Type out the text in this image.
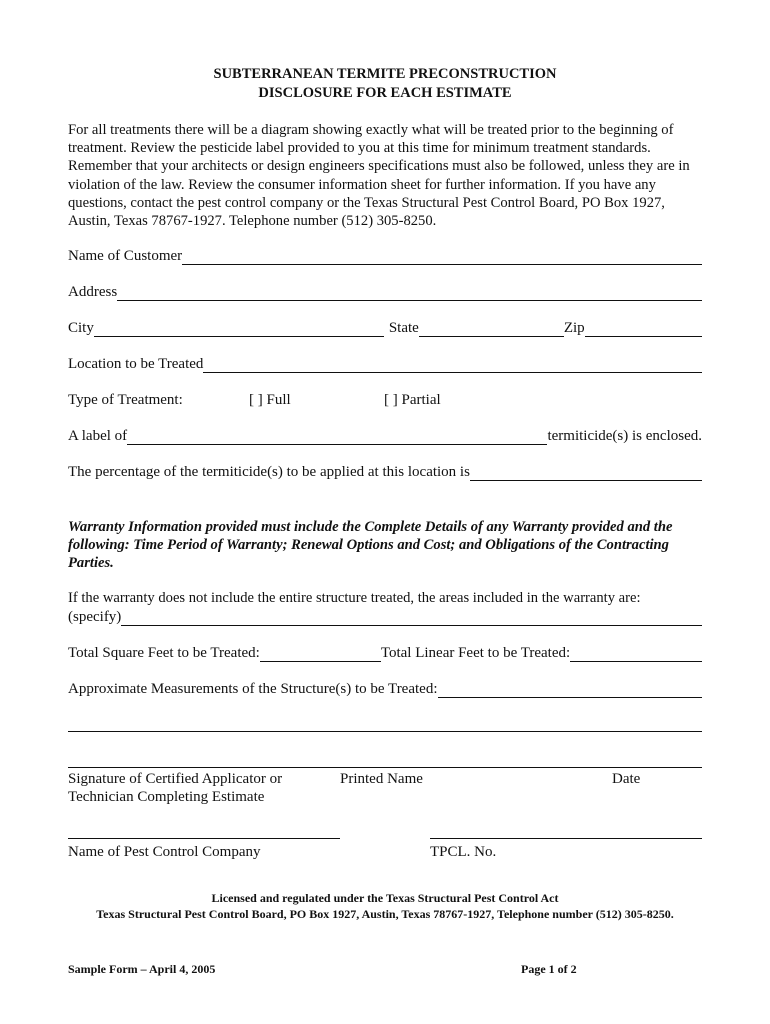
SUBTERRANEAN TERMITE PRECONSTRUCTION
DISCLOSURE FOR EACH ESTIMATE
For all treatments there will be a diagram showing exactly what will be treated prior to the beginning of treatment. Review the pesticide label provided to you at this time for minimum treatment standards. Remember that your architects or design engineers specifications must also be followed, unless they are in violation of the law. Review the consumer information sheet for further information. If you have any questions, contact the pest control company or the Texas Structural Pest Control Board, PO Box 1927, Austin, Texas 78767-1927. Telephone number (512) 305-8250.
Name of Customer
Address
City	State	Zip
Location to be Treated
Type of Treatment:	[ ] Full	[ ] Partial
A label of	termiticide(s) is enclosed.
The percentage of the termiticide(s) to be applied at this location is
Warranty Information provided must include the Complete Details of any Warranty provided and the following: Time Period of Warranty; Renewal Options and Cost; and Obligations of the Contracting Parties.
If the warranty does not include the entire structure treated, the areas included in the warranty are:
(specify)
Total Square Feet to be Treated:	Total Linear Feet to be Treated:
Approximate Measurements of the Structure(s) to be Treated:
Signature of Certified Applicator or
Technician Completing Estimate
Printed Name	Date
Name of Pest Control Company	TPCL. No.
Licensed and regulated under the Texas Structural Pest Control Act
Texas Structural Pest Control Board, PO Box 1927, Austin, Texas 78767-1927, Telephone number (512) 305-8250.
Sample Form – April 4, 2005	Page 1 of 2
